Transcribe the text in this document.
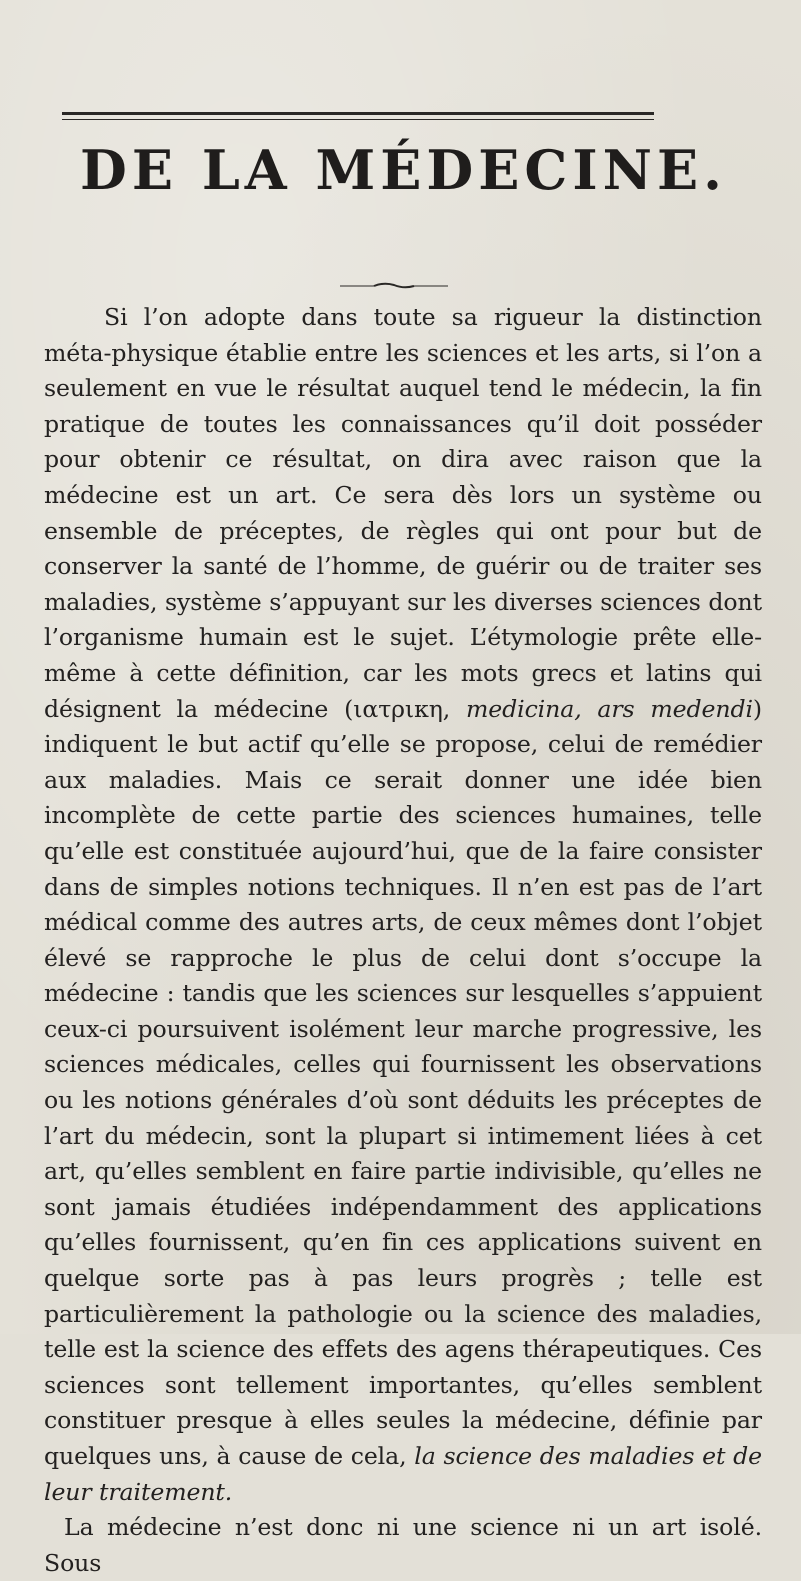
DE LA MÉDECINE.

Si l’on adopte dans toute sa rigueur la distinction méta-physique établie entre les sciences et les arts, si l’on a seulement en vue le résultat auquel tend le médecin, la fin pratique de toutes les connaissances qu’il doit posséder pour obtenir ce résultat, on dira avec raison que la médecine est un art. Ce sera dès lors un système ou ensemble de préceptes, de règles qui ont pour but de conserver la santé de l’homme, de guérir ou de traiter ses maladies, système s’appuyant sur les diverses sciences dont l’organisme humain est le sujet. L’étymologie prête elle-même à cette définition, car les mots grecs et latins qui désignent la médecine (ιατρικη, medicina, ars medendi) indiquent le but actif qu’elle se propose, celui de remédier aux maladies. Mais ce serait donner une idée bien incomplète de cette partie des sciences humaines, telle qu’elle est constituée aujourd’hui, que de la faire consister dans de simples notions techniques. Il n’en est pas de l’art médical comme des autres arts, de ceux mêmes dont l’objet élevé se rapproche le plus de celui dont s’occupe la médecine : tandis que les sciences sur lesquelles s’appuient ceux-ci poursuivent isolément leur marche progressive, les sciences médicales, celles qui fournissent les observations ou les notions générales d’où sont déduits les préceptes de l’art du médecin, sont la plupart si intimement liées à cet art, qu’elles semblent en faire partie indivisible, qu’elles ne sont jamais étudiées indépendamment des applications qu’elles fournissent, qu’en fin ces applications suivent en quelque sorte pas à pas leurs progrès ; telle est particulièrement la pathologie ou la science des maladies, telle est la science des effets des agens thérapeutiques. Ces sciences sont tellement importantes, qu’elles semblent constituer presque à elles seules la médecine, définie par quelques uns, à cause de cela, la science des maladies et de leur traitement.

La médecine n’est donc ni une science ni un art isolé. Sous
